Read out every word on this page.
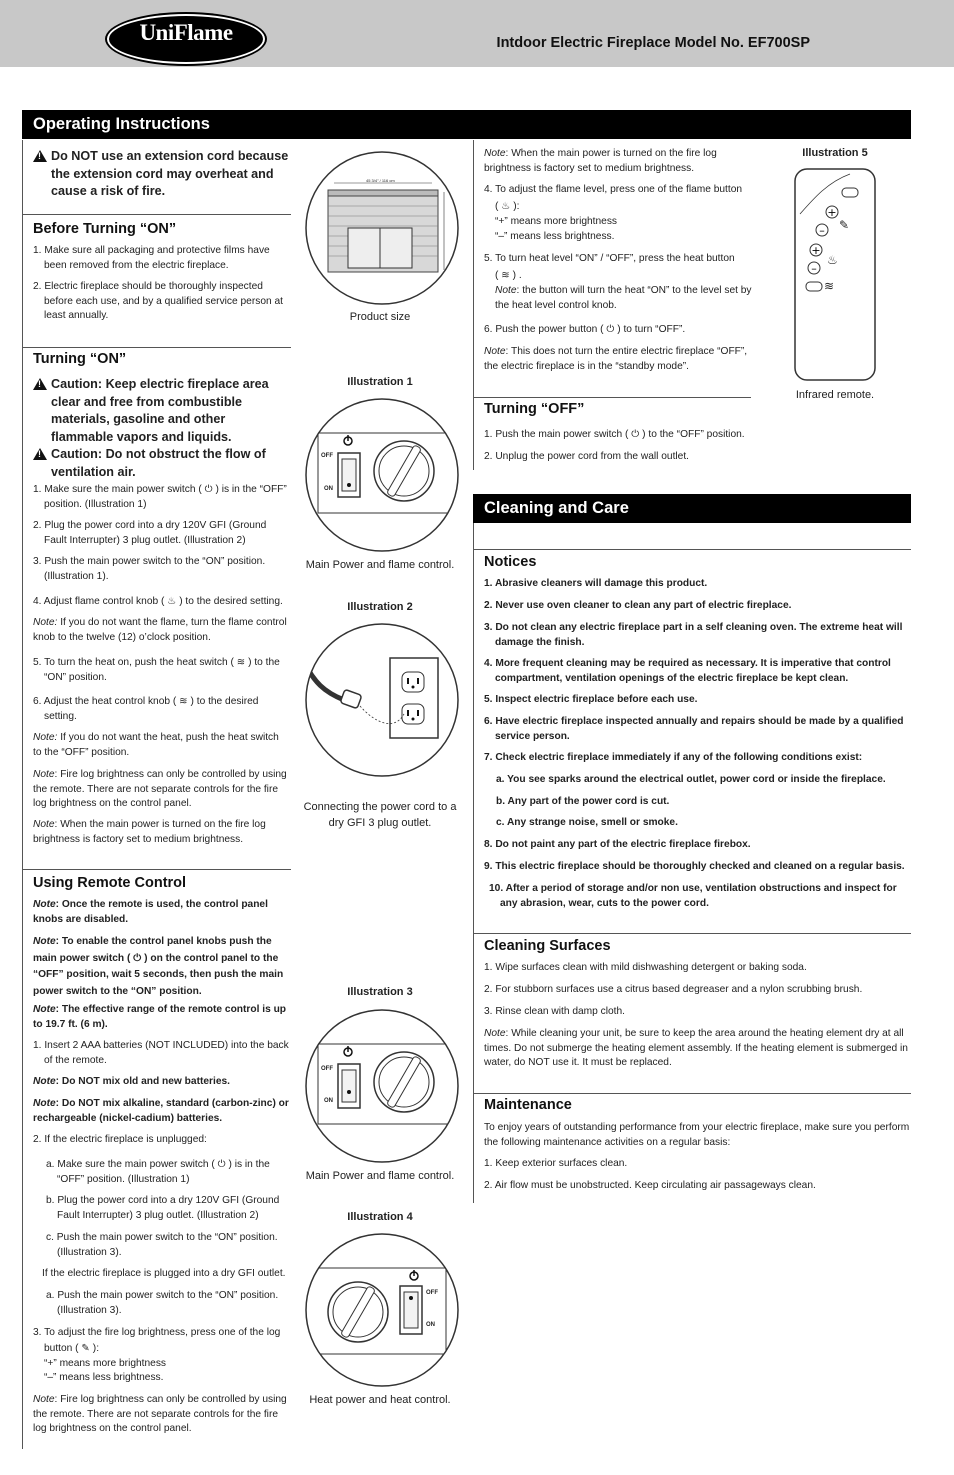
UniFlame	Intdoor Electric Fireplace Model No. EF700SP
Operating Instructions
!
Do NOT use an extension cord because the extension cord may overheat and cause a risk of fire.
Before Turning “ON”
1. Make sure all packaging and protective films have been removed from the electric fireplace.
2. Electric fireplace should be thoroughly inspected before each use, and by a qualified service person at least annually.
Turning “ON”
!
Caution: Keep electric fireplace area clear and free from combustible materials, gasoline and other flammable vapors and liquids.
!
Caution: Do not obstruct the flow of ventilation air.
1. Make sure the main power switch ( ⏻ ) is in the “OFF” position. (Illustration 1)
2. Plug the power cord into a dry 120V GFI (Ground Fault Interrupter) 3 plug outlet. (Illustration 2)
3. Push the main power switch to the “ON” position. (Illustration 1).
4. Adjust flame control knob ( ♨ ) to the desired setting.
Note: If you do not want the flame, turn the flame control knob to the twelve (12) o’clock position.
5. To turn the heat on, push the heat switch ( ≋ ) to the “ON” position.
6. Adjust the heat control knob ( ≋ ) to the desired setting.
Note: If you do not want the heat, push the heat switch to the “OFF” position.
Note: Fire log brightness can only be controlled by using the remote. There are not separate controls for the fire log brightness on the control panel.
Note: When the main power is turned on the fire log brightness is factory set to medium brightness.
Using Remote Control
Note: Once the remote is used, the control panel knobs are disabled.
Note: To enable the control panel knobs push the main power switch ( ⏻ ) on the control panel to the “OFF” position, wait 5 seconds, then push the main power switch to the “ON” position.
Note: The effective range of the remote control is up to 19.7 ft. (6 m).
1. Insert 2 AAA batteries (NOT INCLUDED) into the back of the remote.
Note: Do NOT mix old and new batteries.
Note: Do NOT mix alkaline, standard (carbon-zinc) or rechargeable (nickel-cadium) batteries.
2. If the electric fireplace is unplugged:
a. Make sure the main power switch ( ⏻ ) is in the “OFF” position. (Illustration 1)
b. Plug the power cord into a dry 120V GFI (Ground Fault Interrupter) 3 plug outlet. (Illustration 2)
c. Push the main power switch to the “ON” position. (Illustration 3).
If the electric fireplace is plugged into a dry GFI outlet.
a. Push the main power switch to the “ON” position. (Illustration 3).
3. To adjust the fire log brightness, press one of the log button ( ✎ ):
“+” means more brightness
“–” means less brightness.
Note: Fire log brightness can only be controlled by using the remote. There are not separate controls for the fire log brightness on the control panel.
45 3/4" / 116 cm
Product size
Illustration 1
OFF
ON
Main Power and flame control.
Illustration 2
Connecting the power cord to a dry GFI 3 plug outlet.
Illustration 3
OFF
ON
Main Power and flame control.
Illustration 4
OFF
ON
Heat power and heat control.
Note: When the main power is turned on the fire log brightness is factory set to medium brightness.
4. To adjust the flame level, press one of the flame button
( ♨ ):
“+” means more brightness
“–” means less brightness.
5. To turn heat level “ON” / “OFF”, press the heat button
( ≋ ) .
Note: the button will turn the heat “ON” to the level set by the heat level control knob.
6. Push the power button ( ⏻ ) to turn “OFF”.
Note: This does not turn the entire electric fireplace “OFF”, the electric fireplace is in the “standby mode”.
Illustration 5
+
–
+
–
✎
♨
≋
Infrared remote.
Turning “OFF”
1. Push the main power switch ( ⏻ ) to the “OFF” position.
2. Unplug the power cord from the wall outlet.
Cleaning and Care
Notices
1. Abrasive cleaners will damage this product.
2. Never use oven cleaner to clean any part of electric fireplace.
3. Do not clean any electric fireplace part in a self cleaning oven. The extreme heat will damage the finish.
4. More frequent cleaning may be required as necessary. It is imperative that control compartment, ventilation openings of the electric fireplace be kept clean.
5. Inspect electric fireplace before each use.
6. Have electric fireplace inspected annually and repairs should be made by a qualified service person.
7. Check electric fireplace immediately if any of the following conditions exist:
a. You see sparks around the electrical outlet, power cord or inside the fireplace.
b. Any part of the power cord is cut.
c. Any strange noise, smell or smoke.
8. Do not paint any part of the electric fireplace firebox.
9. This electric fireplace should be thoroughly checked and cleaned on a regular basis.
10. After a period of storage and/or non use, ventilation obstructions and inspect for any abrasion, wear, cuts to the power cord.
Cleaning Surfaces
1. Wipe surfaces clean with mild dishwashing detergent or baking soda.
2. For stubborn surfaces use a citrus based degreaser and a nylon scrubbing brush.
3. Rinse clean with damp cloth.
Note: While cleaning your unit, be sure to keep the area around the heating element dry at all times. Do not submerge the heating element assembly. If the heating element is submerged in water, do NOT use it. It must be replaced.
Maintenance
To enjoy years of outstanding performance from your electric fireplace, make sure you perform the following maintenance activities on a regular basis:
1. Keep exterior surfaces clean.
2. Air flow must be unobstructed. Keep circulating air passageways clean.
